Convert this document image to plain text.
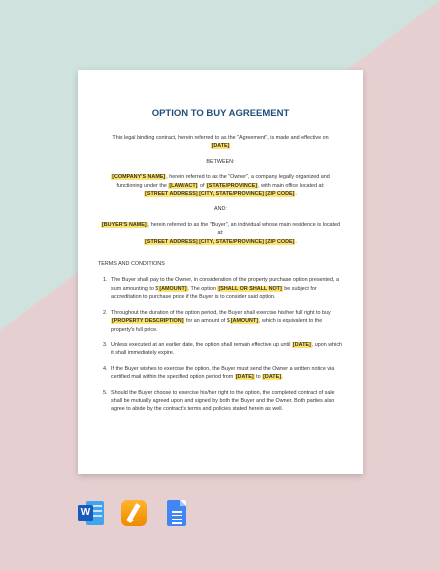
OPTION TO BUY AGREEMENT
This legal binding contract, herein referred to as the "Agreement", is made and effective on
[DATE]
BETWEEN:
[COMPANY'S NAME], herein referred to as the "Owner", a company legally organized and functioning under the [LAW/ACT] of [STATE/PROVINCE], with main office located at:
[STREET ADDRESS] [CITY, STATE/PROVINCE] [ZIP CODE].
AND:
[BUYER'S NAME], herein referred to as the "Buyer", an individual whose main residence is located at:
[STREET ADDRESS] [CITY, STATE/PROVINCE] [ZIP CODE].
TERMS AND CONDITIONS
1. The Buyer shall pay to the Owner, in consideration of the property purchase option presented, a sum amounting to $[AMOUNT]. The option [SHALL OR SHALL NOT] be subject for accreditation to purchase price if the Buyer is to consider said option.
2. Throughout the duration of the option period, the Buyer shall exercise his/her full right to buy [PROPERTY DESCRIPTION] for an amount of $[AMOUNT], which is equivalent to the property's full price.
3. Unless executed at an earlier date, the option shall remain effective up until [DATE], upon which it shall immediately expire.
4. If the Buyer wishes to exercise the option, the Buyer must send the Owner a written notice via certified mail within the specified option period from [DATE] to [DATE].
5. Should the Buyer choose to exercise his/her right to the option, the completed contract of sale shall be mutually agreed upon and signed by both the Buyer and the Owner. Both parties also agree to abide by the contract's terms and policies stated herein as well.
W
